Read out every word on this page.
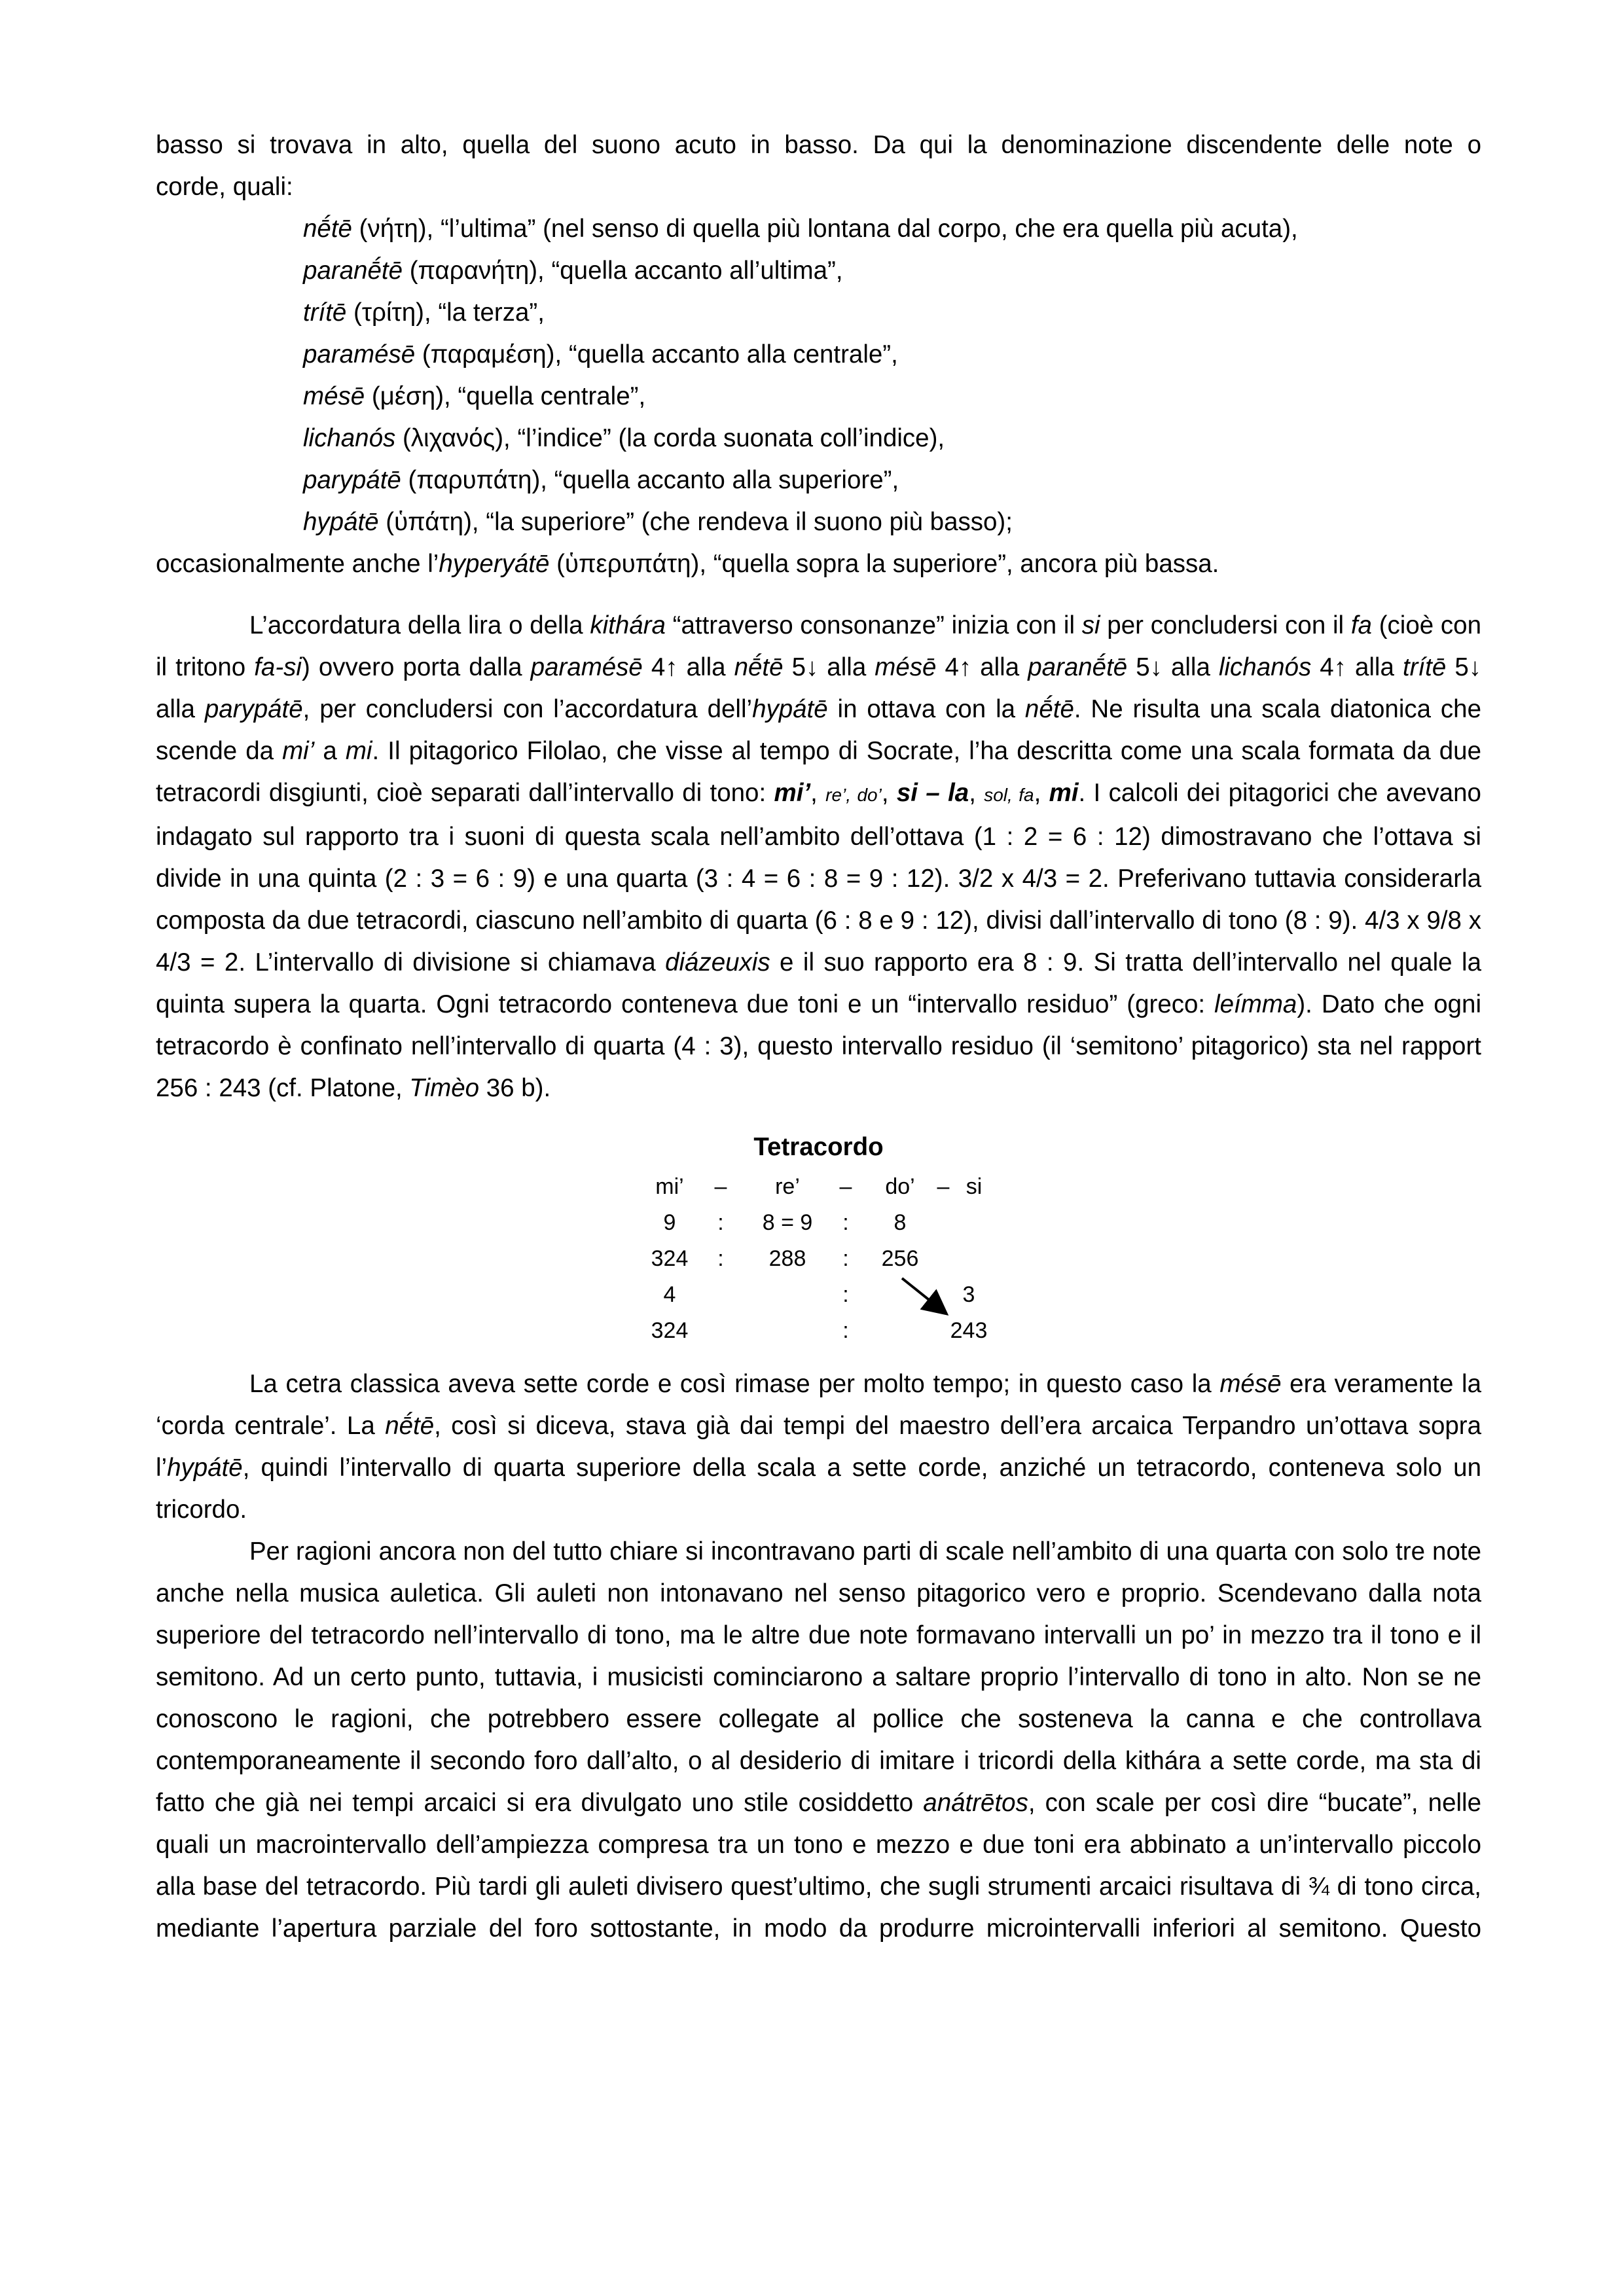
basso si trovava in alto, quella del suono acuto in basso. Da qui la denominazione discendente delle note o

corde, quali:

nḗtē (νήτη), “l’ultima” (nel senso di quella più lontana dal corpo, che era quella più acuta),

paranḗtē (παρανήτη), “quella accanto all’ultima”,

trítē (τρίτη), “la terza”,

paramésē (παραμέση), “quella accanto alla centrale”,

mésē (μέση), “quella centrale”,

lichanós (λιχανός), “l’indice” (la corda suonata coll’indice),

parypátē (παρυπάτη), “quella accanto alla superiore”,

hypátē (ὑπάτη), “la superiore” (che rendeva il suono più basso);

occasionalmente anche l’hyperyátē (ὑπερυπάτη), “quella sopra la superiore”, ancora più bassa.

L’accordatura della lira o della kithára “attraverso consonanze” inizia con il si per concludersi con il fa (cioè con il tritono fa-si) ovvero porta dalla paramésē 4↑ alla nḗtē 5↓ alla mésē 4↑ alla paranḗtē 5↓ alla lichanós 4↑ alla trítē 5↓ alla parypátē, per concludersi con l’accordatura dell’hypátē in ottava con la nḗtē. Ne risulta una scala diatonica che scende da mi’ a mi. Il pitagorico Filolao, che visse al tempo di Socrate, l’ha descritta come una scala formata da due tetracordi disgiunti, cioè separati dall’intervallo di tono: mi’, re’, do’, si – la, sol, fa, mi. I calcoli dei pitagorici che avevano indagato sul rapporto tra i suoni di questa scala nell’ambito dell’ottava (1 : 2 = 6 : 12) dimostravano che l’ottava si divide in una quinta (2 : 3 = 6 : 9) e una quarta (3 : 4 = 6 : 8 = 9 : 12). 3/2 x 4/3 = 2. Preferivano tuttavia considerarla composta da due tetracordi, ciascuno nell’ambito di quarta (6 : 8 e 9 : 12), divisi dall’intervallo di tono (8 : 9). 4/3 x 9/8 x 4/3 = 2. L’intervallo di divisione si chiamava diázeuxis e il suo rapporto era 8 : 9. Si tratta dell’intervallo nel quale la quinta supera la quarta. Ogni tetracordo conteneva due toni e un “intervallo residuo” (greco: leímma). Dato che ogni tetracordo è confinato nell’intervallo di quarta (4 : 3), questo intervallo residuo (il ‘semitono’ pitagorico) sta nel rapport 256 : 243 (cf. Platone, Timèo 36 b).

Tetracordo

mi’ – re’ – do’ – si
9 : 8 = 9 : 8
324 : 288 : 256
4	:	3
324	:	243

La cetra classica aveva sette corde e così rimase per molto tempo; in questo caso la mésē era veramente la ‘corda centrale’. La nḗtē, così si diceva, stava già dai tempi del maestro dell’era arcaica Terpandro un’ottava sopra l’hypátē, quindi l’intervallo di quarta superiore della scala a sette corde, anziché un tetracordo, conteneva solo un tricordo.

Per ragioni ancora non del tutto chiare si incontravano parti di scale nell’ambito di una quarta con solo tre note anche nella musica auletica. Gli auleti non intonavano nel senso pitagorico vero e proprio. Scendevano dalla nota superiore del tetracordo nell’intervallo di tono, ma le altre due note formavano intervalli un po’ in mezzo tra il tono e il semitono. Ad un certo punto, tuttavia, i musicisti cominciarono a saltare proprio l’intervallo di tono in alto. Non se ne conoscono le ragioni, che potrebbero essere collegate al pollice che sosteneva la canna e che controllava contemporaneamente il secondo foro dall’alto, o al desiderio di imitare i tricordi della kithára a sette corde, ma sta di fatto che già nei tempi arcaici si era divulgato uno stile cosiddetto anátrētos, con scale per così dire “bucate”, nelle quali un macrointervallo dell’ampiezza compresa tra un tono e mezzo e due toni era abbinato a un’intervallo piccolo alla base del tetracordo. Più tardi gli auleti divisero quest’ultimo, che sugli strumenti arcaici risultava di ¾ di tono circa, mediante l’apertura parziale del foro sottostante, in modo da produrre microintervalli inferiori al semitono. Questo
